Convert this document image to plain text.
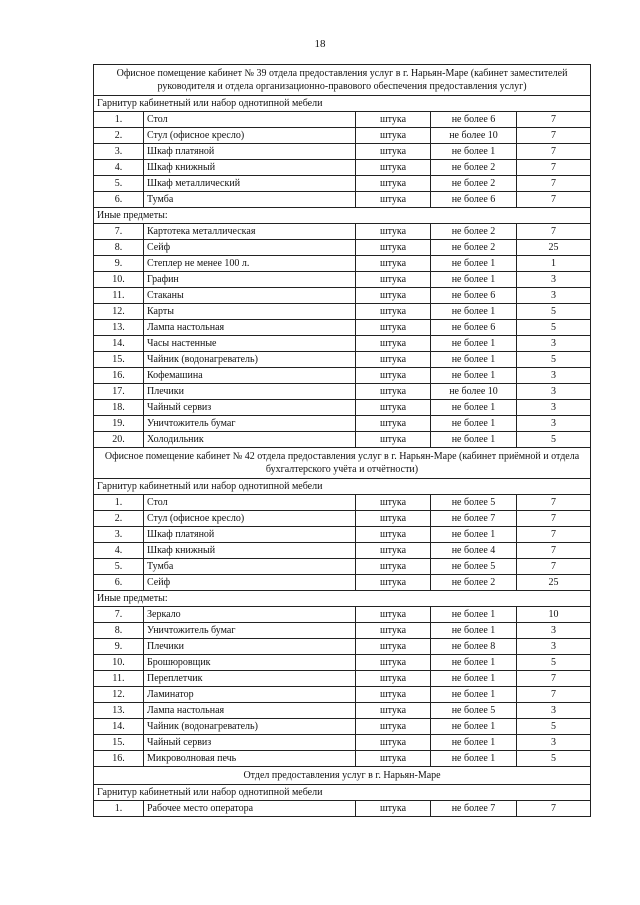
18
Офисное помещение кабинет № 39 отдела предоставления услуг в г. Нарьян-Маре (кабинет заместителей руководителя и отдела организационно-правового обеспечения предоставления услуг)				
Гарнитур кабинетный или набор однотипной мебели				
1.	Стол	штука	не более 6	7
2.	Стул (офисное кресло)	штука	не более 10	7
3.	Шкаф платяной	штука	не более 1	7
4.	Шкаф книжный	штука	не более 2	7
5.	Шкаф металлический	штука	не более 2	7
6.	Тумба	штука	не более 6	7
Иные предметы:				
7.	Картотека металлическая	штука	не более 2	7
8.	Сейф	штука	не более 2	25
9.	Степлер не менее 100 л.	штука	не более 1	1
10.	Графин	штука	не более 1	3
11.	Стаканы	штука	не более 6	3
12.	Карты	штука	не более 1	5
13.	Лампа настольная	штука	не более 6	5
14.	Часы настенные	штука	не более 1	3
15.	Чайник (водонагреватель)	штука	не более 1	5
16.	Кофемашина	штука	не более 1	3
17.	Плечики	штука	не более 10	3
18.	Чайный сервиз	штука	не более 1	3
19.	Уничтожитель бумаг	штука	не более 1	3
20.	Холодильник	штука	не более 1	5
Офисное помещение кабинет № 42 отдела предоставления услуг в г. Нарьян-Маре (кабинет приёмной и отдела бухгалтерского учёта и отчётности)				
Гарнитур кабинетный или набор однотипной мебели				
1.	Стол	штука	не более 5	7
2.	Стул (офисное кресло)	штука	не более 7	7
3.	Шкаф платяной	штука	не более 1	7
4.	Шкаф книжный	штука	не более 4	7
5.	Тумба	штука	не более 5	7
6.	Сейф	штука	не более 2	25
Иные предметы:				
7.	Зеркало	штука	не более 1	10
8.	Уничтожитель бумаг	штука	не более 1	3
9.	Плечики	штука	не более 8	3
10.	Брошюровщик	штука	не более 1	5
11.	Переплетчик	штука	не более 1	7
12.	Ламинатор	штука	не более 1	7
13.	Лампа настольная	штука	не более 5	3
14.	Чайник (водонагреватель)	штука	не более 1	5
15.	Чайный сервиз	штука	не более 1	3
16.	Микроволновая печь	штука	не более 1	5
Отдел предоставления услуг в г. Нарьян-Маре				
Гарнитур кабинетный или набор однотипной мебели				
1.	Рабочее место оператора	штука	не более 7	7
